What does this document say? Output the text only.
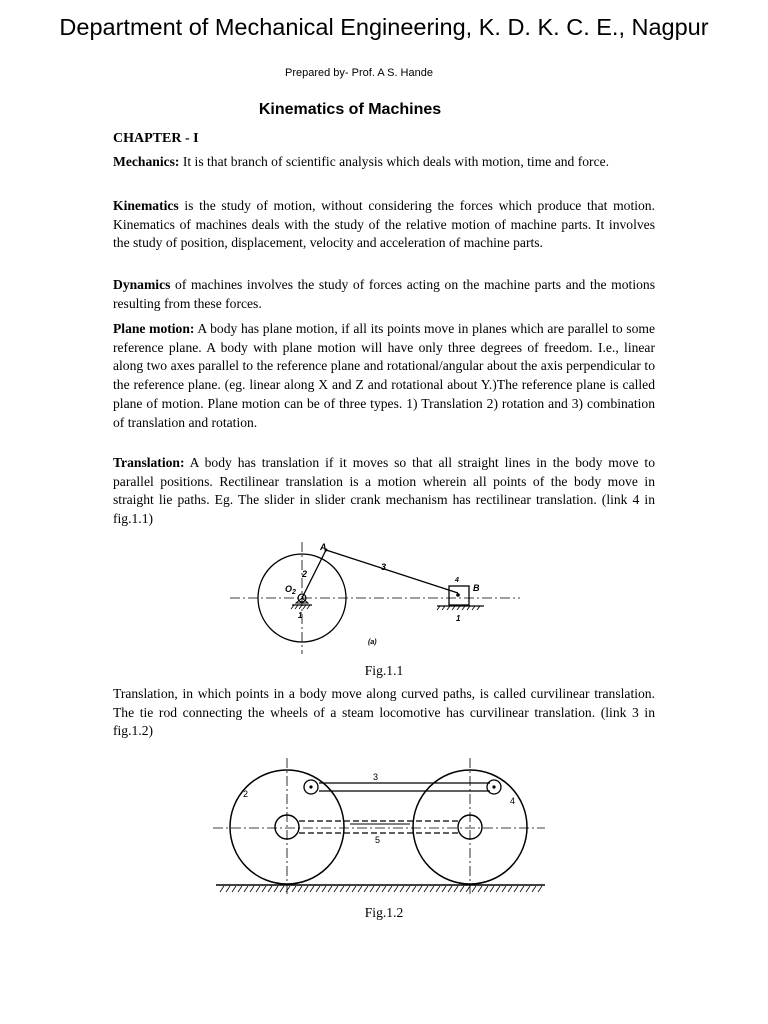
Department of Mechanical Engineering, K. D. K. C. E., Nagpur
Prepared by- Prof. A S. Hande
Kinematics of Machines
CHAPTER - I
Mechanics: It is that branch of scientific analysis which deals with motion, time and force.
Kinematics is the study of motion, without considering the forces which produce that motion. Kinematics of machines deals with the study of the relative motion of machine parts. It involves the study of position, displacement, velocity and acceleration of machine parts.
Dynamics of machines involves the study of forces acting on the machine parts and the motions resulting from these forces.
Plane motion: A body has plane motion, if all its points move in planes which are parallel to some reference plane. A body with plane motion will have only three degrees of freedom. I.e., linear along two axes parallel to the reference plane and rotational/angular about the axis perpendicular to the reference plane. (eg. linear along X and Z and rotational about Y.)The reference plane is called plane of motion. Plane motion can be of three types. 1) Translation 2) rotation and 3) combination of translation and rotation.
Translation: A body has translation if it moves so that all straight lines in the body move to parallel positions. Rectilinear translation is a motion wherein all points of the body move in straight lie paths. Eg. The slider in slider crank mechanism has rectilinear translation. (link 4 in fig.1.1)
A
B
$O_2$
2
3
4
1	1
(a)
Fig.1.1
Translation, in which points in a body move along curved paths, is called curvilinear translation. The tie rod connecting the wheels of a steam locomotive has curvilinear translation. (link 3 in fig.1.2)
2
3
4
5
Fig.1.2
